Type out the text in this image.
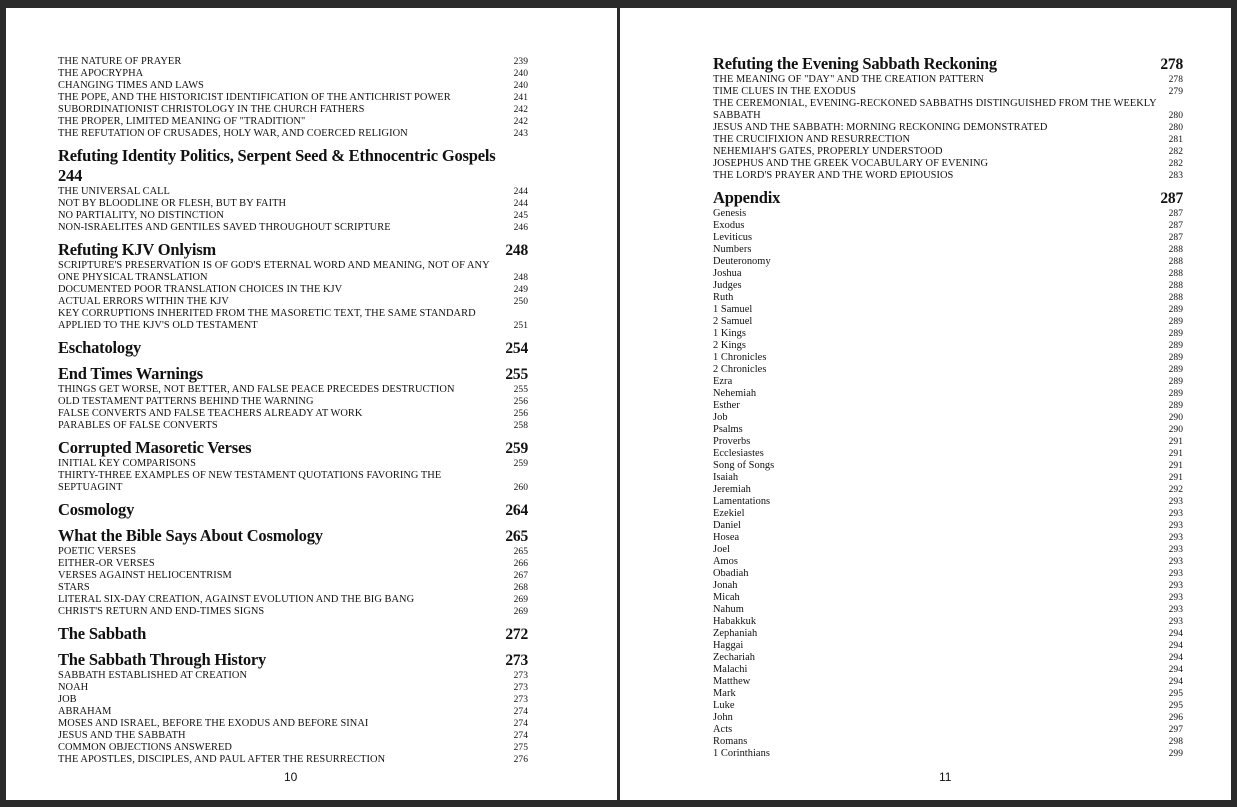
THE NATURE OF PRAYER	239
THE APOCRYPHA	240
CHANGING TIMES AND LAWS	240
THE POPE, AND THE HISTORICIST IDENTIFICATION OF THE ANTICHRIST POWER	241
SUBORDINATIONIST CHRISTOLOGY IN THE CHURCH FATHERS	242
THE PROPER, LIMITED MEANING OF "TRADITION"	242
THE REFUTATION OF CRUSADES, HOLY WAR, AND COERCED RELIGION	243
Refuting Identity Politics, Serpent Seed & Ethnocentric Gospels
244
THE UNIVERSAL CALL	244
NOT BY BLOODLINE OR FLESH, BUT BY FAITH	244
NO PARTIALITY, NO DISTINCTION	245
NON-ISRAELITES AND GENTILES SAVED THROUGHOUT SCRIPTURE	246
Refuting KJV Onlyism	248
SCRIPTURE'S PRESERVATION IS OF GOD'S ETERNAL WORD AND MEANING, NOT OF ANY
ONE PHYSICAL TRANSLATION	248
DOCUMENTED POOR TRANSLATION CHOICES IN THE KJV	249
ACTUAL ERRORS WITHIN THE KJV	250
KEY CORRUPTIONS INHERITED FROM THE MASORETIC TEXT, THE SAME STANDARD
APPLIED TO THE KJV'S OLD TESTAMENT	251
Eschatology	254
End Times Warnings	255
THINGS GET WORSE, NOT BETTER, AND FALSE PEACE PRECEDES DESTRUCTION	255
OLD TESTAMENT PATTERNS BEHIND THE WARNING	256
FALSE CONVERTS AND FALSE TEACHERS ALREADY AT WORK	256
PARABLES OF FALSE CONVERTS	258
Corrupted Masoretic Verses	259
INITIAL KEY COMPARISONS	259
THIRTY-THREE EXAMPLES OF NEW TESTAMENT QUOTATIONS FAVORING THE
SEPTUAGINT	260
Cosmology	264
What the Bible Says About Cosmology	265
POETIC VERSES	265
EITHER-OR VERSES	266
VERSES AGAINST HELIOCENTRISM	267
STARS	268
LITERAL SIX-DAY CREATION, AGAINST EVOLUTION AND THE BIG BANG	269
CHRIST'S RETURN AND END-TIMES SIGNS	269
The Sabbath	272
The Sabbath Through History	273
SABBATH ESTABLISHED AT CREATION	273
NOAH	273
JOB	273
ABRAHAM	274
MOSES AND ISRAEL, BEFORE THE EXODUS AND BEFORE SINAI	274
JESUS AND THE SABBATH	274
COMMON OBJECTIONS ANSWERED	275
THE APOSTLES, DISCIPLES, AND PAUL AFTER THE RESURRECTION	276
10
Refuting the Evening Sabbath Reckoning	278
THE MEANING OF "DAY" AND THE CREATION PATTERN	278
TIME CLUES IN THE EXODUS	279
THE CEREMONIAL, EVENING-RECKONED SABBATHS DISTINGUISHED FROM THE WEEKLY
SABBATH	280
JESUS AND THE SABBATH: MORNING RECKONING DEMONSTRATED	280
THE CRUCIFIXION AND RESURRECTION	281
NEHEMIAH'S GATES, PROPERLY UNDERSTOOD	282
JOSEPHUS AND THE GREEK VOCABULARY OF EVENING	282
THE LORD'S PRAYER AND THE WORD EPIOUSIOS	283
Appendix	287
Genesis	287
Exodus	287
Leviticus	287
Numbers	288
Deuteronomy	288
Joshua	288
Judges	288
Ruth	288
1 Samuel	289
2 Samuel	289
1 Kings	289
2 Kings	289
1 Chronicles	289
2 Chronicles	289
Ezra	289
Nehemiah	289
Esther	289
Job	290
Psalms	290
Proverbs	291
Ecclesiastes	291
Song of Songs	291
Isaiah	291
Jeremiah	292
Lamentations	293
Ezekiel	293
Daniel	293
Hosea	293
Joel	293
Amos	293
Obadiah	293
Jonah	293
Micah	293
Nahum	293
Habakkuk	293
Zephaniah	294
Haggai	294
Zechariah	294
Malachi	294
Matthew	294
Mark	295
Luke	295
John	296
Acts	297
Romans	298
1 Corinthians	299
11
